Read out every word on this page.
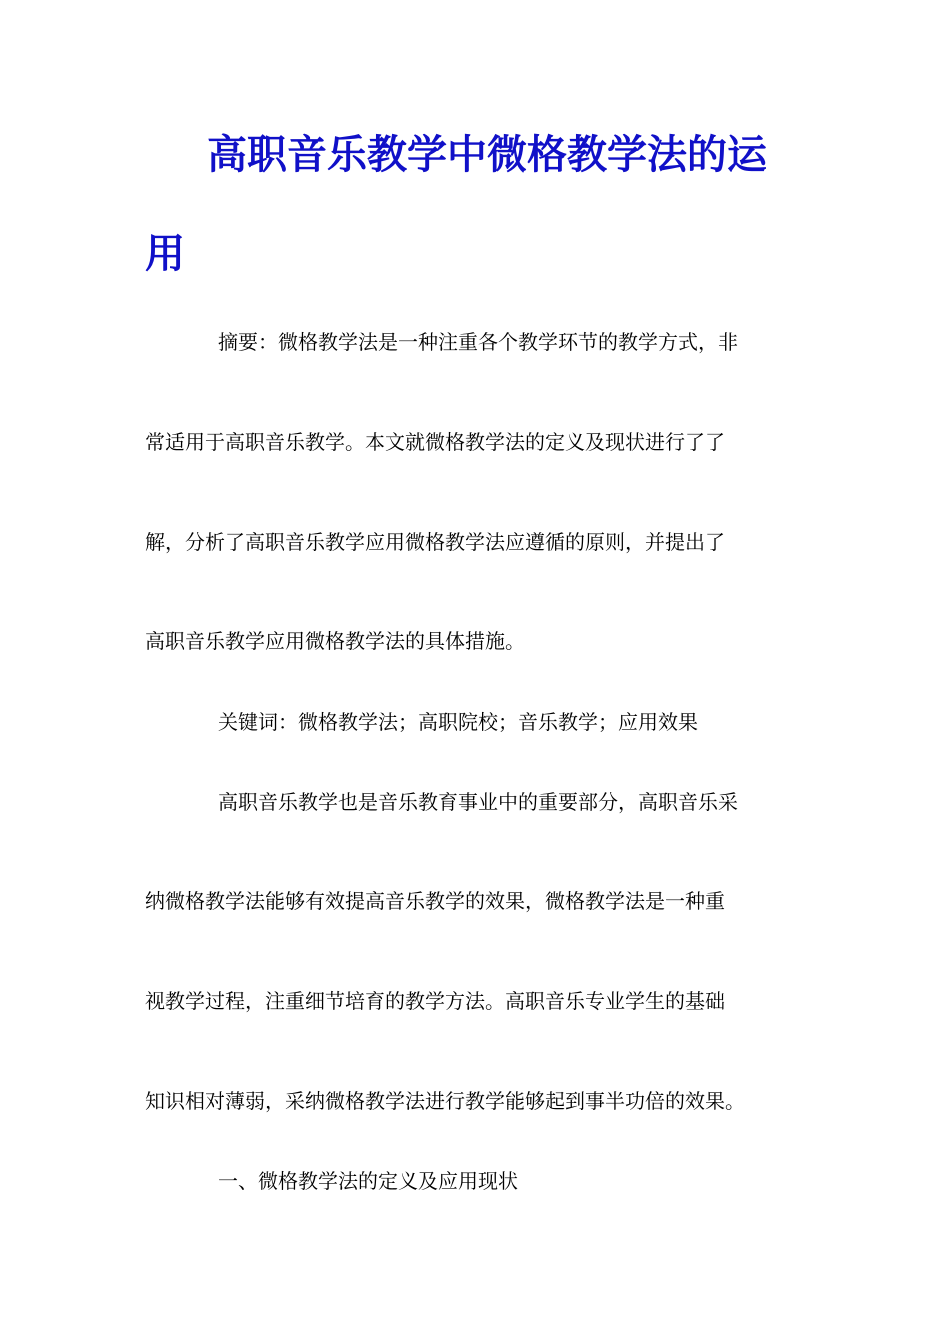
高职音乐教学中微格教学法的运
用

摘要：微格教学法是一种注重各个教学环节的教学方式，非

常适用于高职音乐教学。本文就微格教学法的定义及现状进行了了

解，分析了高职音乐教学应用微格教学法应遵循的原则，并提出了

高职音乐教学应用微格教学法的具体措施。

关键词：微格教学法；高职院校；音乐教学；应用效果

高职音乐教学也是音乐教育事业中的重要部分，高职音乐采

纳微格教学法能够有效提高音乐教学的效果，微格教学法是一种重

视教学过程，注重细节培育的教学方法。高职音乐专业学生的基础

知识相对薄弱，采纳微格教学法进行教学能够起到事半功倍的效果。

一、微格教学法的定义及应用现状
